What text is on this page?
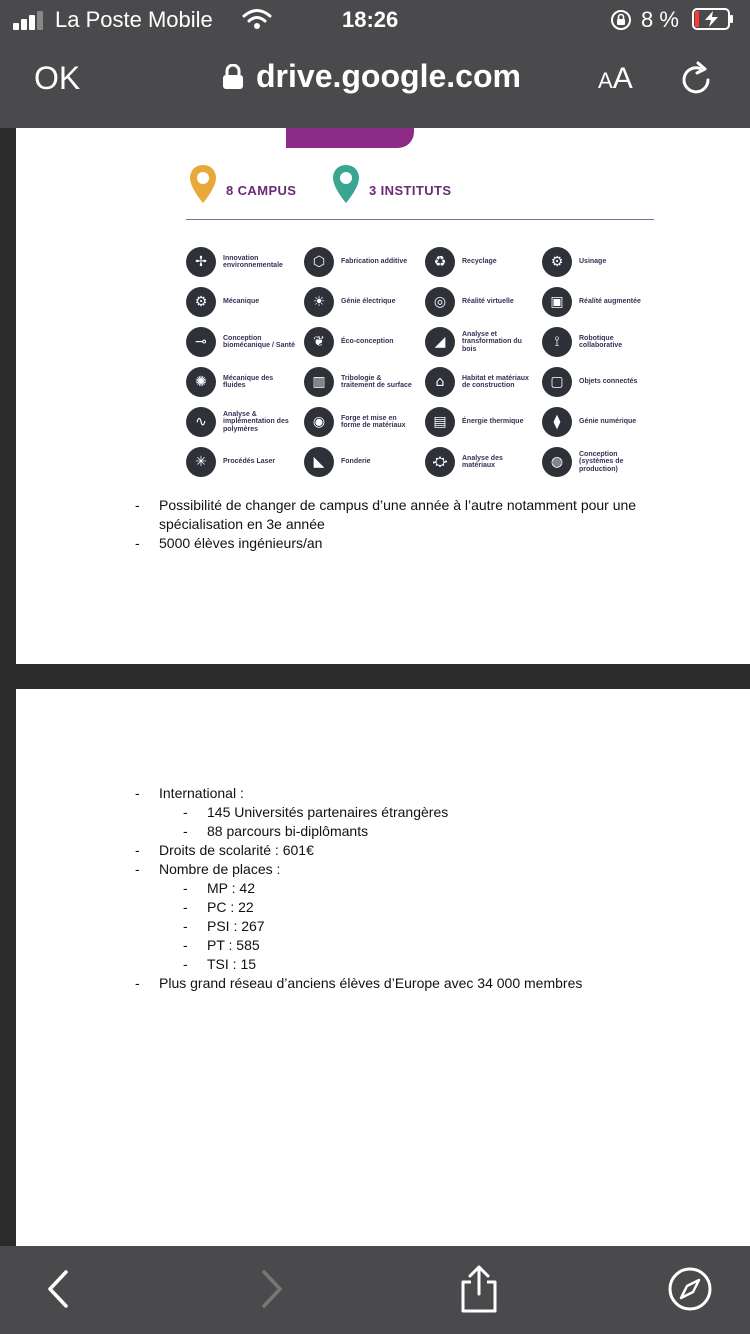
La Poste Mobile	18:26	8 %
OK	drive.google.com	AA
8 CAMPUS	3 INSTITUTS
✢	Innovation environnementale	⬡	Fabrication additive	♻	Recyclage	⚙	Usinage
⚙	Mécanique	☀	Génie électrique	◎	Réalité virtuelle	▣	Réalité augmentée
⊸	Conception biomécanique / Santé	❦	Éco-conception	◢	Analyse et transformation du bois	⟟	Robotique collaborative
✺	Mécanique des fluides	▥	Tribologie & traitement de surface	⌂	Habitat et matériaux de construction	▢	Objets connectés
∿	Analyse & implémentation des polymères	◉	Forge et mise en forme de matériaux	▤	Énergie thermique	⧫	Génie numérique
✳	Procédés Laser	◣	Fonderie	⛮	Analyse des matériaux	◍	Conception (systèmes de production)
- Possibilité de changer de campus d’une année à l’autre notamment pour une
spécialisation en 3e année
- 5000 élèves ingénieurs/an
- International :
- 145 Universités partenaires étrangères
- 88 parcours bi-diplômants
- Droits de scolarité : 601€
- Nombre de places :
- MP : 42
- PC : 22
- PSI : 267
- PT : 585
- TSI : 15
- Plus grand réseau d’anciens élèves d’Europe avec 34 000 membres
